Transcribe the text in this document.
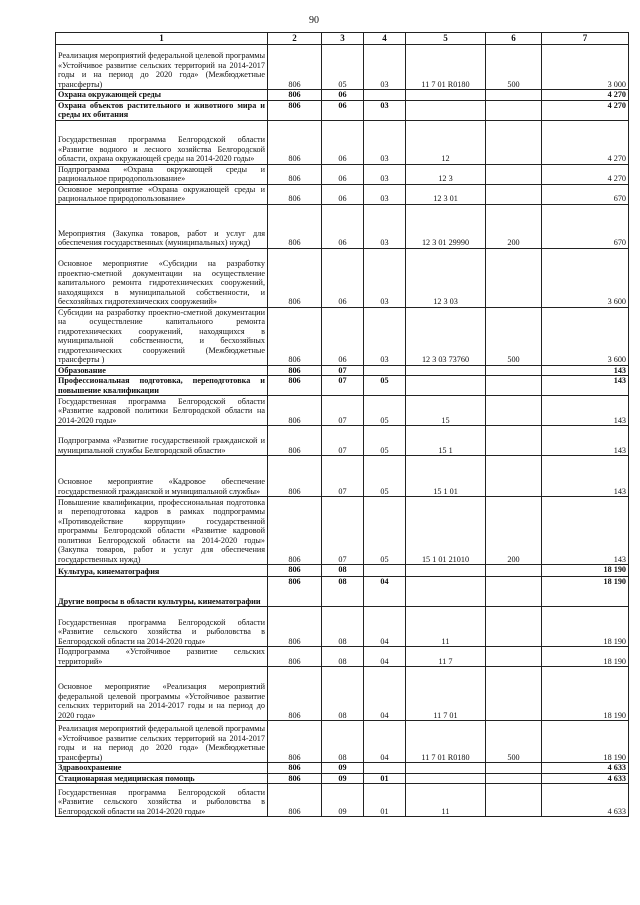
90
1	2	3	4	5	6	7
Реализация мероприятий федеральной целевой программы «Устойчивое развитие сельских территорий на 2014-2017 годы и на период до 2020 года» (Межбюджетные трансферты)	806	05	03	11 7 01 R0180	500	3 000
Охрана окружающей среды	806	06				4 270
Охрана объектов растительного и животного мира и среды их обитания	806	06	03			4 270
Государственная программа Белгородской области «Развитие водного и лесного хозяйства Белгородской области, охрана окружающей среды на 2014-2020 годы»	806	06	03	12		4 270
Подпрограмма «Охрана окружающей среды и рациональное природопользование»	806	06	03	12 3		4 270
Основное мероприятие «Охрана окружающей среды и рациональное природопользование»	806	06	03	12 3 01		670
Мероприятия (Закупка товаров, работ и услуг для обеспечения государственных (муниципальных) нужд)	806	06	03	12 3 01 29990	200	670
Основное мероприятие «Субсидии на разработку проектно-сметной документации на осуществление капитального ремонта гидротехнических сооружений, находящихся в муниципальной собственности, и бесхозяйных гидротехнических сооружений»	806	06	03	12 3 03		3 600
Субсидии на разработку проектно-сметной документации на осуществление капитального ремонта гидротехнических сооружений, находящихся в муниципальной собственности, и бесхозяйных гидротехнических сооружений (Межбюджетные трансферты )	806	06	03	12 3 03 73760	500	3 600
Образование	806	07				143
Профессиональная подготовка, переподготовка и повышение квалификации	806	07	05			143
Государственная программа Белгородской области «Развитие кадровой политики Белгородской области на 2014-2020 годы»	806	07	05	15		143
Подпрограмма «Развитие государственной гражданской и муниципальной службы Белгородской области»	806	07	05	15 1		143
Основное мероприятие «Кадровое обеспечение государственной гражданской и муниципальной службы»	806	07	05	15 1 01		143
Повышение квалификации, профессиональная подготовка и переподготовка кадров в рамках подпрограммы «Противодействие коррупции» государственной программы Белгородской области «Развитие кадровой политики Белгородской области на 2014-2020 годы» (Закупка товаров, работ и услуг для обеспечения государственных нужд)	806	07	05	15 1 01 21010	200	143
Культура, кинематография	806	08				18 190
Другие вопросы в области культуры, кинематографии	806	08	04			18 190
Государственная программа Белгородской области «Развитие сельского хозяйства и рыболовства в Белгородской области на 2014-2020 годы»	806	08	04	11		18 190
Подпрограмма «Устойчивое развитие сельских территорий»	806	08	04	11 7		18 190
Основное мероприятие «Реализация мероприятий федеральной целевой программы «Устойчивое развитие сельских территорий на 2014-2017 годы и на период до 2020 года»	806	08	04	11 7 01		18 190
Реализация мероприятий федеральной целевой программы «Устойчивое развитие сельских территорий на 2014-2017 годы и на период до 2020 года» (Межбюджетные трансферты)	806	08	04	11 7 01 R0180	500	18 190
Здравоохранение	806	09				4 633
Стационарная медицинская помощь	806	09	01			4 633
Государственная программа Белгородской области «Развитие сельского хозяйства и рыболовства в Белгородской области на 2014-2020 годы»	806	09	01	11		4 633
